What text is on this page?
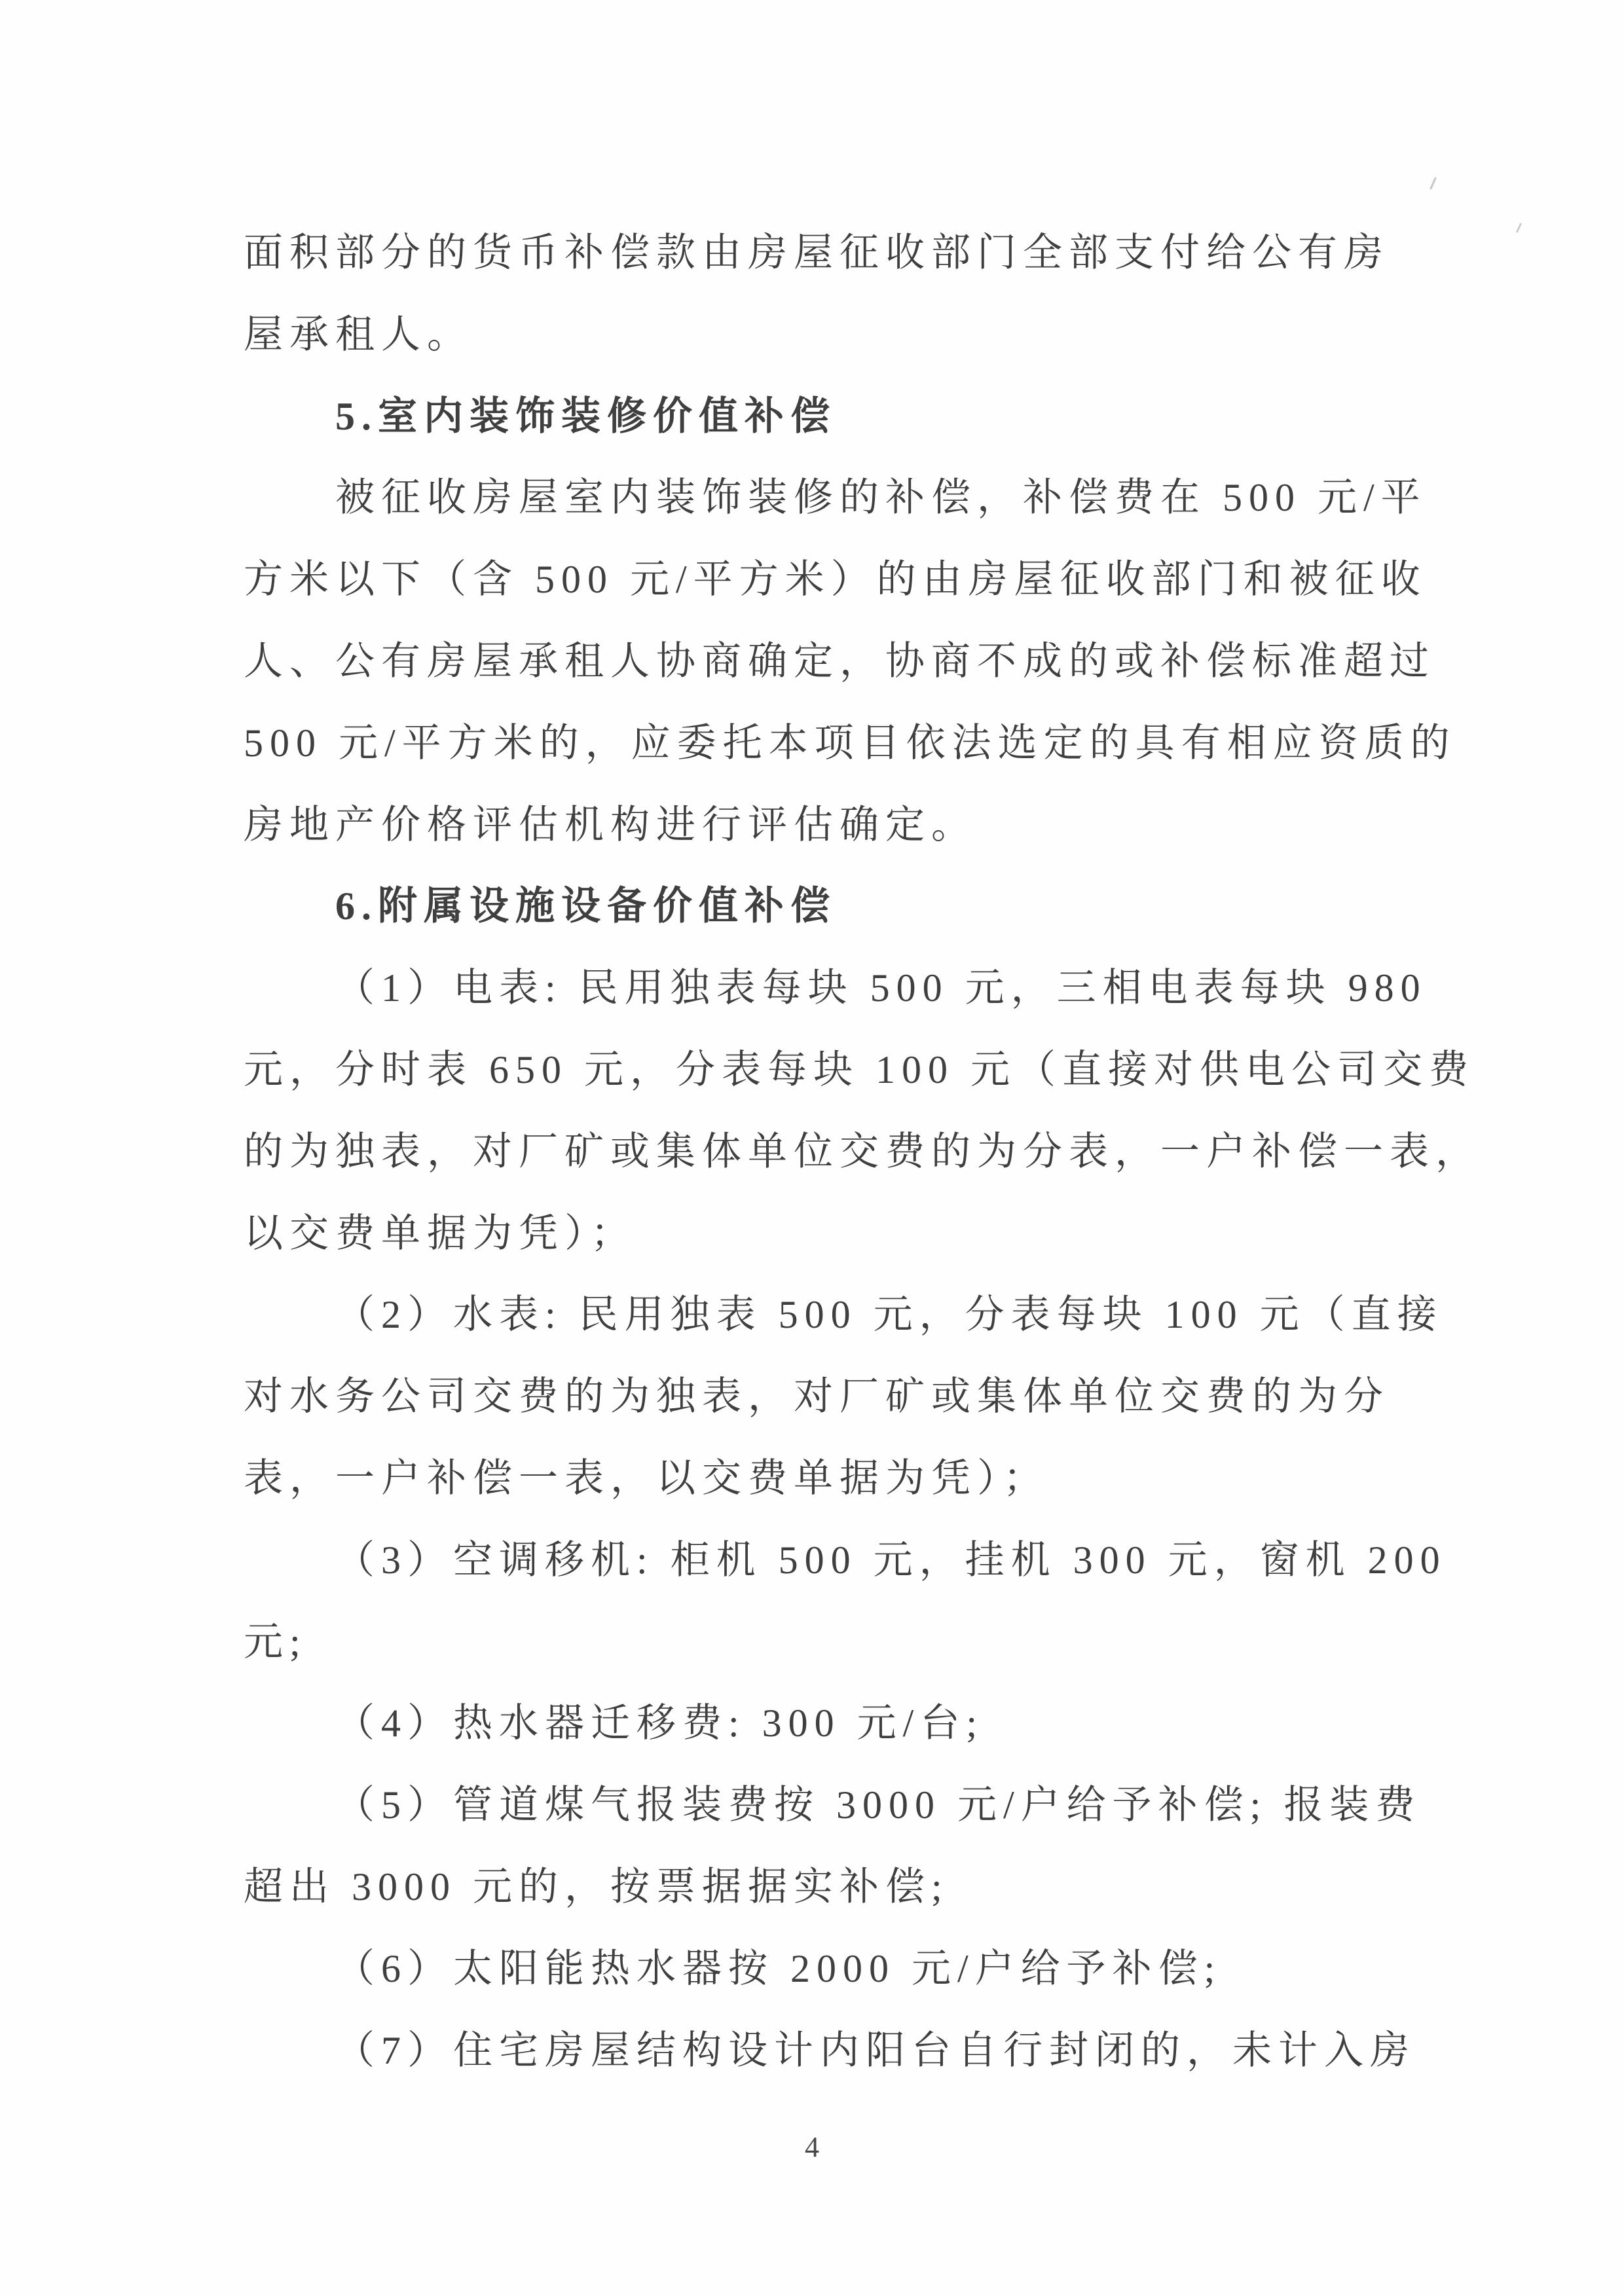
面积部分的货币补偿款由房屋征收部门全部支付给公有房
屋承租人。
5.室内装饰装修价值补偿
被征收房屋室内装饰装修的补偿，补偿费在 500 元/平
方米以下（含 500 元/平方米）的由房屋征收部门和被征收
人、公有房屋承租人协商确定，协商不成的或补偿标准超过
500 元/平方米的，应委托本项目依法选定的具有相应资质的
房地产价格评估机构进行评估确定。
6.附属设施设备价值补偿
（1）电表: 民用独表每块 500 元，三相电表每块 980
元，分时表 650 元，分表每块 100 元（直接对供电公司交费
的为独表，对厂矿或集体单位交费的为分表，一户补偿一表，
以交费单据为凭）；
（2）水表: 民用独表 500 元，分表每块 100 元（直接
对水务公司交费的为独表，对厂矿或集体单位交费的为分
表，一户补偿一表，以交费单据为凭）；
（3）空调移机: 柜机 500 元，挂机 300 元，窗机 200
元;
（4）热水器迁移费: 300 元/台;
（5）管道煤气报装费按 3000 元/户给予补偿; 报装费
超出 3000 元的，按票据据实补偿;
（6）太阳能热水器按 2000 元/户给予补偿;
（7）住宅房屋结构设计内阳台自行封闭的，未计入房
4
